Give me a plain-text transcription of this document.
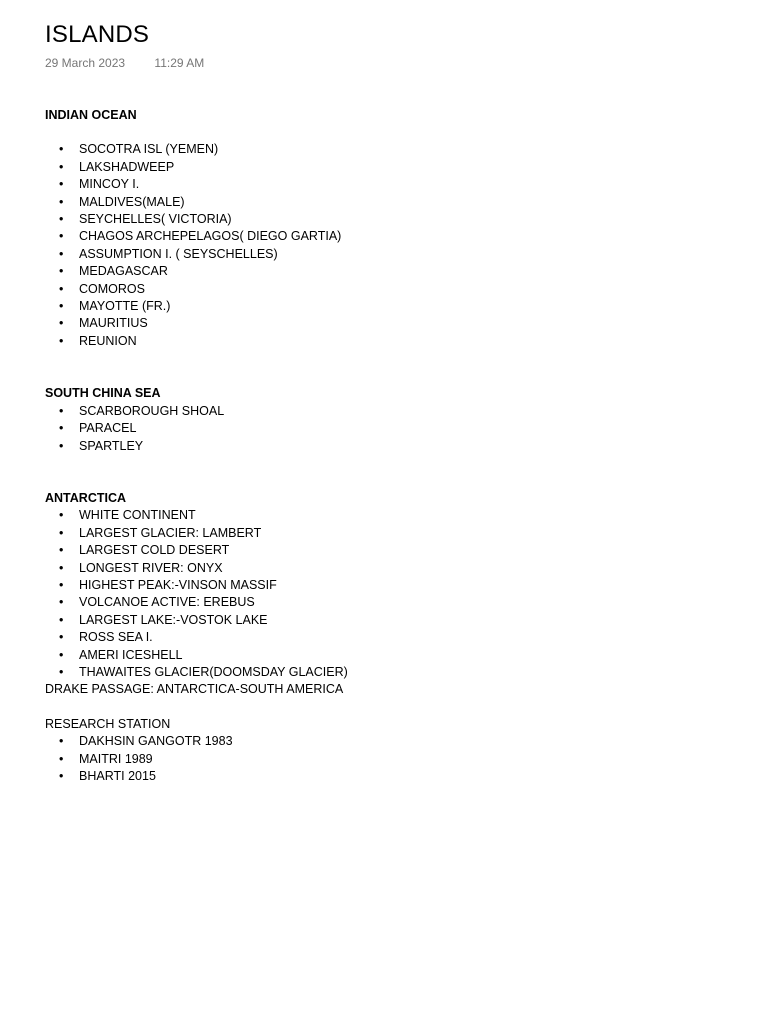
ISLANDS
29 March 2023 11:29 AM

INDIAN OCEAN

• SOCOTRA ISL (YEMEN)
• LAKSHADWEEP
• MINCOY I.
• MALDIVES(MALE)
• SEYCHELLES( VICTORIA)
• CHAGOS ARCHEPELAGOS( DIEGO GARTIA)
• ASSUMPTION I. ( SEYSCHELLES)
• MEDAGASCAR
• COMOROS
• MAYOTTE (FR.)
• MAURITIUS
• REUNION

SOUTH CHINA SEA

• SCARBOROUGH SHOAL
• PARACEL
• SPARTLEY

ANTARCTICA

• WHITE CONTINENT
• LARGEST GLACIER: LAMBERT
• LARGEST COLD DESERT
• LONGEST RIVER: ONYX
• HIGHEST PEAK:-VINSON MASSIF
• VOLCANOE ACTIVE: EREBUS
• LARGEST LAKE:-VOSTOK LAKE
• ROSS SEA I.
• AMERI ICESHELL
• THAWAITES GLACIER(DOOMSDAY GLACIER)

DRAKE PASSAGE: ANTARCTICA-SOUTH AMERICA

RESEARCH STATION

• DAKHSIN GANGOTR 1983
• MAITRI 1989
• BHARTI 2015
